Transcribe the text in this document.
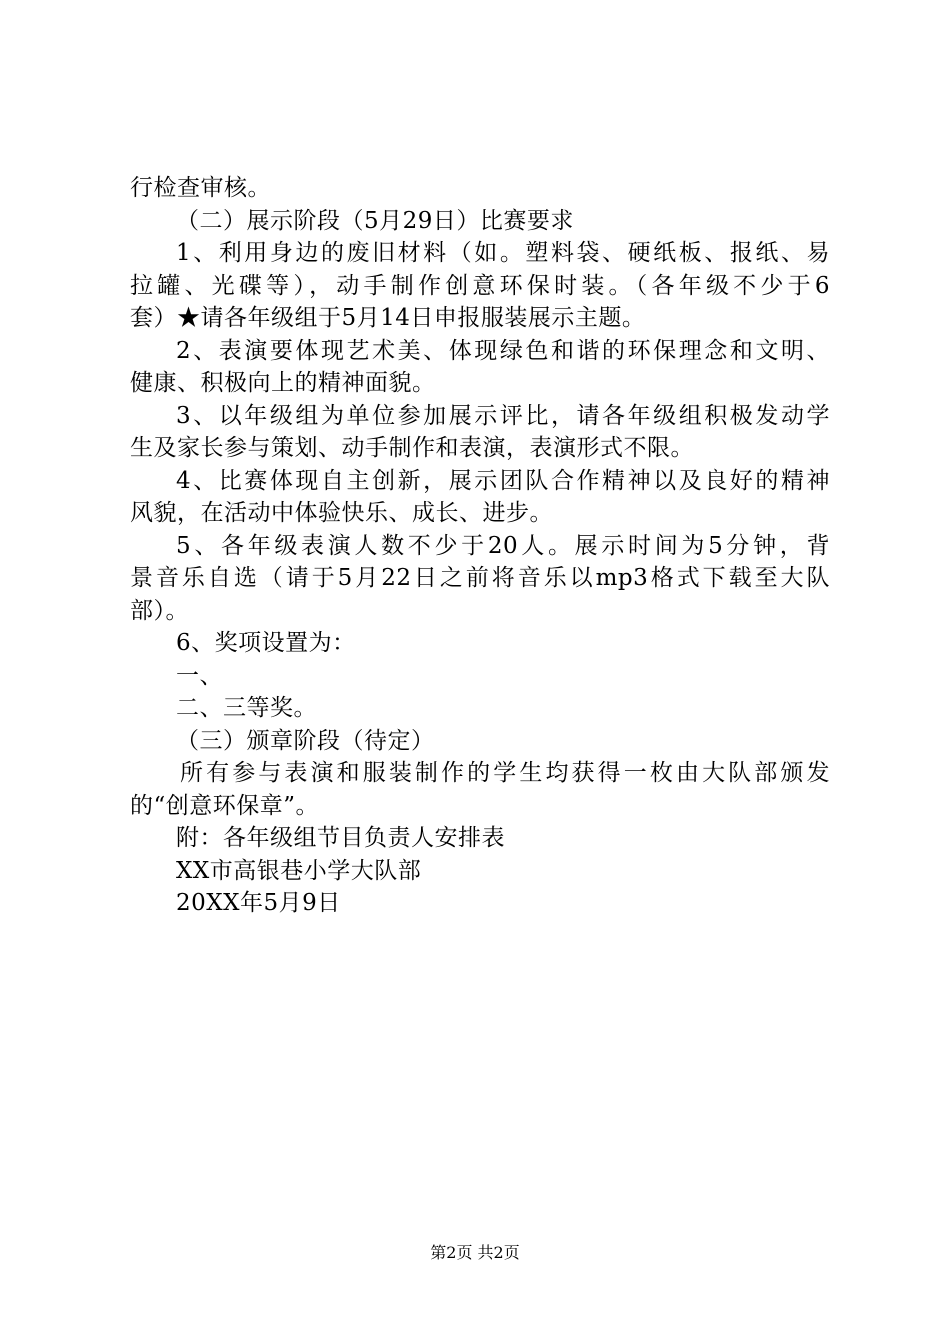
行检查审核。
（二）展示阶段（5月29日）比赛要求
1、利用身边的废旧材料（如。塑料袋、硬纸板、报纸、易
拉罐、光碟等），动手制作创意环保时装。（各年级不少于6
套）★请各年级组于5月14日申报服装展示主题。
2、表演要体现艺术美、体现绿色和谐的环保理念和文明、
健康、积极向上的精神面貌。
3、以年级组为单位参加展示评比，请各年级组积极发动学
生及家长参与策划、动手制作和表演，表演形式不限。
4、比赛体现自主创新，展示团队合作精神以及良好的精神
风貌，在活动中体验快乐、成长、进步。
5、各年级表演人数不少于20人。展示时间为5分钟，背
景音乐自选（请于5月22日之前将音乐以mp3格式下载至大队
部）。
6、奖项设置为：
一、
二、三等奖。
（三）颁章阶段（待定）
所有参与表演和服装制作的学生均获得一枚由大队部颁发
的“创意环保章”。
附：各年级组节目负责人安排表
XX市高银巷小学大队部
20XX年5月9日
第2页 共2页
